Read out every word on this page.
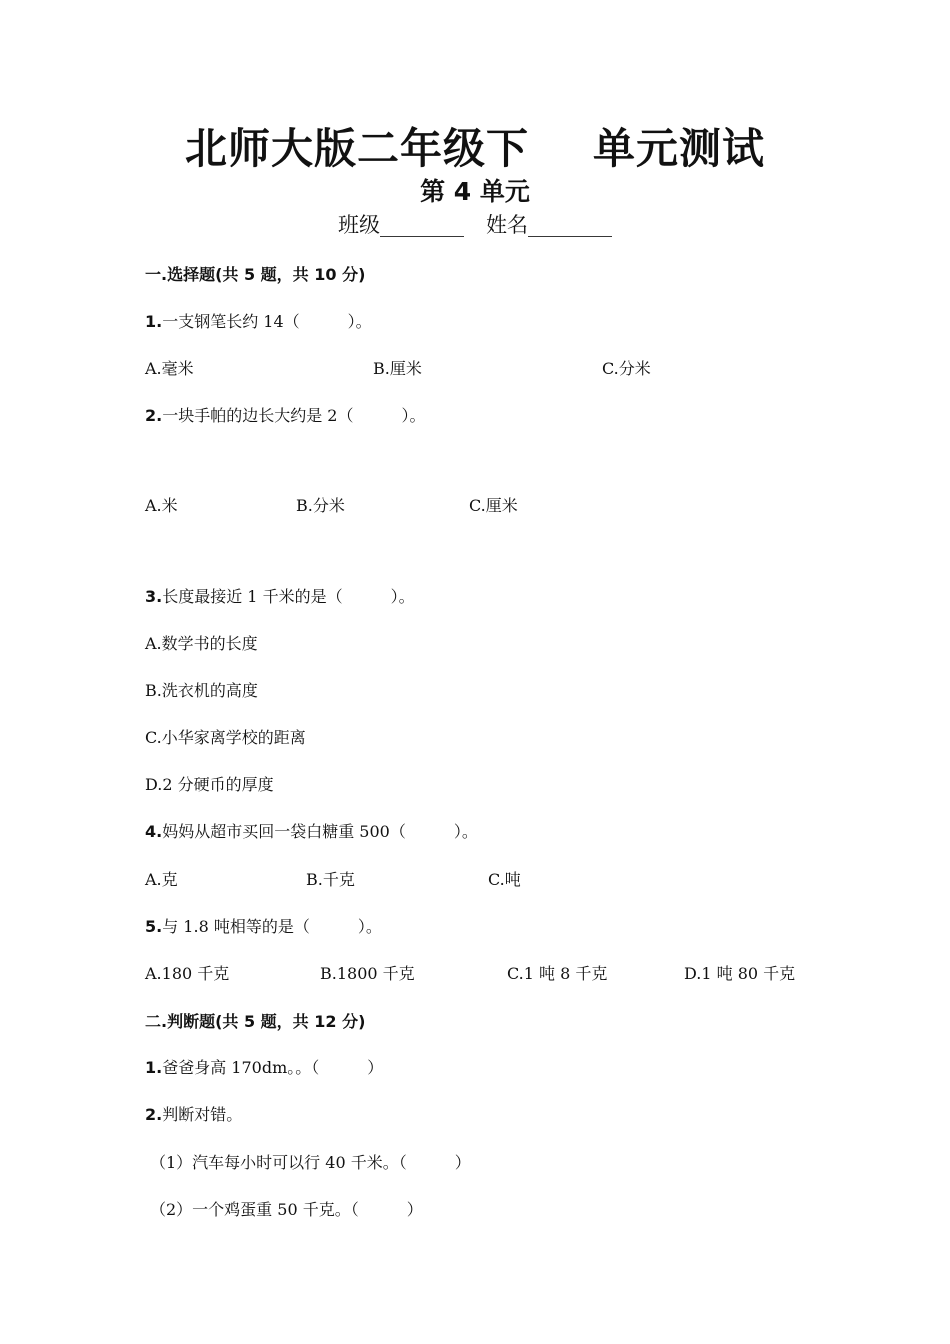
北师大版二年级下 单元测试
第 4 单元
班级________ 姓名________
一.选择题(共 5 题，共 10 分)
1.一支钢笔长约 14（　　　）。
A.毫米	B.厘米	C.分米
2.一块手帕的边长大约是 2（　　　）。
A.米	B.分米	C.厘米
3.长度最接近 1 千米的是（　　　）。
A.数学书的长度
B.洗衣机的高度
C.小华家离学校的距离
D.2 分硬币的厚度
4.妈妈从超市买回一袋白糖重 500（　　　）。
A.克	B.千克	C.吨
5.与 1.8 吨相等的是（　　　）。
A.180 千克	B.1800 千克	C.1 吨 8 千克	D.1 吨 80 千克
二.判断题(共 5 题，共 12 分)
1.爸爸身高 170dm。。（　　　）
2.判断对错。
（1）汽车每小时可以行 40 千米。（　　　）
（2）一个鸡蛋重 50 千克。（　　　）
